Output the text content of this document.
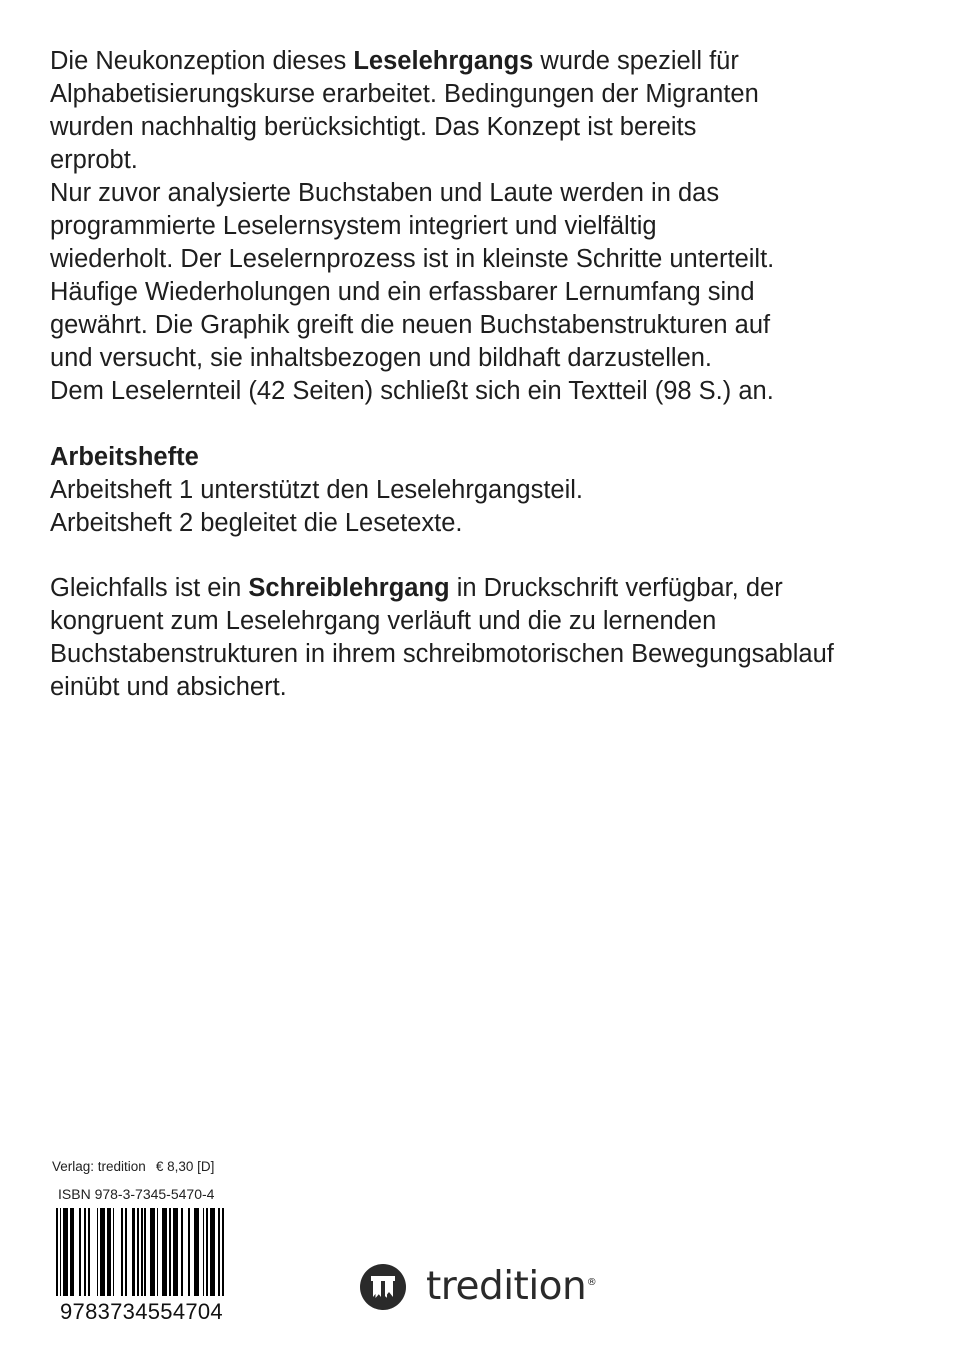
Die Neukonzeption dieses Leselehrgangs wurde speziell für
Alphabetisierungskurse erarbeitet. Bedingungen der Migranten
wurden nachhaltig berücksichtigt. Das Konzept ist bereits
erprobt.
Nur zuvor analysierte Buchstaben und Laute werden in das
programmierte Leselernsystem integriert und vielfältig
wiederholt. Der Leselernprozess ist in kleinste Schritte unterteilt.
Häufige Wiederholungen und ein erfassbarer Lernumfang sind
gewährt. Die Graphik greift die neuen Buchstabenstrukturen auf
und versucht, sie inhaltsbezogen und bildhaft darzustellen.
Dem Leselernteil (42 Seiten) schließt sich ein Textteil (98 S.) an.
Arbeitshefte
Arbeitsheft 1 unterstützt den Leselehrgangsteil.
Arbeitsheft 2 begleitet die Lesetexte.
Gleichfalls ist ein Schreiblehrgang in Druckschrift verfügbar, der
kongruent zum Leselehrgang verläuft und die zu lernenden
Buchstabenstrukturen in ihrem schreibmotorischen Bewegungsablauf
einübt und absichert.
Verlag: tredition € 8,30 [D]
ISBN 978-3-7345-5470-4
9783734554704
tredition ®
